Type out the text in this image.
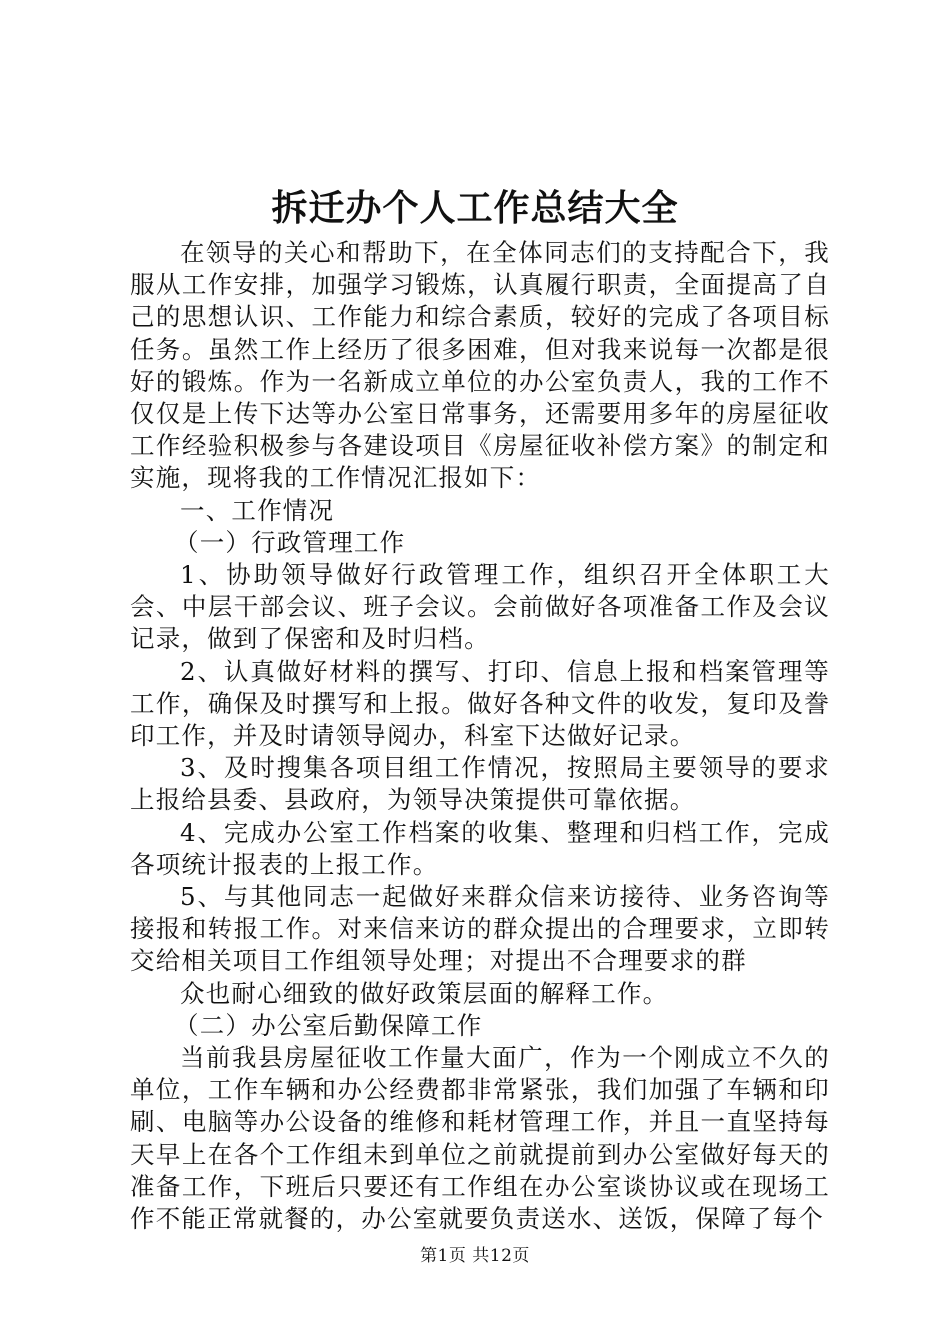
拆迁办个人工作总结大全

在领导的关心和帮助下，在全体同志们的支持配合下，我服从工作安排，加强学习锻炼，认真履行职责，全面提高了自己的思想认识、工作能力和综合素质，较好的完成了各项目标任务。虽然工作上经历了很多困难，但对我来说每一次都是很好的锻炼。作为一名新成立单位的办公室负责人，我的工作不仅仅是上传下达等办公室日常事务，还需要用多年的房屋征收工作经验积极参与各建设项目《房屋征收补偿方案》的制定和实施，现将我的工作情况汇报如下：

一、工作情况

（一）行政管理工作

1、协助领导做好行政管理工作，组织召开全体职工大会、中层干部会议、班子会议。会前做好各项准备工作及会议记录，做到了保密和及时归档。

2、认真做好材料的撰写、打印、信息上报和档案管理等工作，确保及时撰写和上报。做好各种文件的收发，复印及誊印工作，并及时请领导阅办，科室下达做好记录。

3、及时搜集各项目组工作情况，按照局主要领导的要求上报给县委、县政府，为领导决策提供可靠依据。

4、完成办公室工作档案的收集、整理和归档工作，完成各项统计报表的上报工作。

5、与其他同志一起做好来群众信来访接待、业务咨询等接报和转报工作。对来信来访的群众提出的合理要求，立即转交给相关项目工作组领导处理；对提出不合理要求的群

众也耐心细致的做好政策层面的解释工作。

（二）办公室后勤保障工作

当前我县房屋征收工作量大面广，作为一个刚成立不久的单位，工作车辆和办公经费都非常紧张，我们加强了车辆和印刷、电脑等办公设备的维修和耗材管理工作，并且一直坚持每天早上在各个工作组未到单位之前就提前到办公室做好每天的准备工作，下班后只要还有工作组在办公室谈协议或在现场工作不能正常就餐的，办公室就要负责送水、送饭，保障了每个

第1页 共12页
